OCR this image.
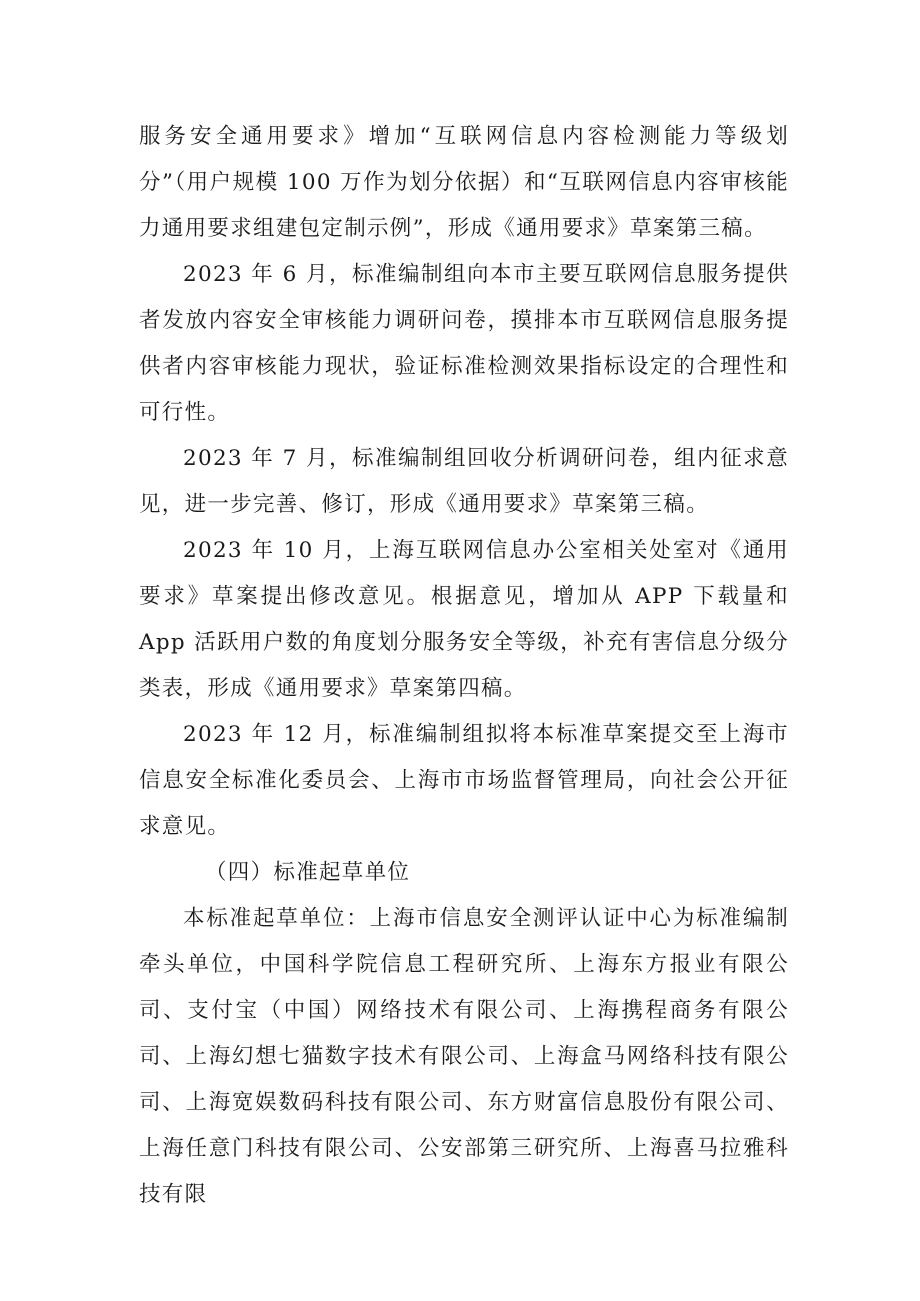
服务安全通用要求》增加“互联网信息内容检测能力等级划分”（用户规模 100 万作为划分依据）和“互联网信息内容审核能力通用要求组建包定制示例”，形成《通用要求》草案第三稿。

2023 年 6 月，标准编制组向本市主要互联网信息服务提供者发放内容安全审核能力调研问卷，摸排本市互联网信息服务提供者内容审核能力现状，验证标准检测效果指标设定的合理性和可行性。

2023 年 7 月，标准编制组回收分析调研问卷，组内征求意见，进一步完善、修订，形成《通用要求》草案第三稿。

2023 年 10 月，上海互联网信息办公室相关处室对《通用要求》草案提出修改意见。根据意见，增加从 APP 下载量和 App 活跃用户数的角度划分服务安全等级，补充有害信息分级分类表，形成《通用要求》草案第四稿。

2023 年 12 月，标准编制组拟将本标准草案提交至上海市信息安全标准化委员会、上海市市场监督管理局，向社会公开征求意见。

（四）标准起草单位

本标准起草单位：上海市信息安全测评认证中心为标准编制牵头单位，中国科学院信息工程研究所、上海东方报业有限公司、支付宝（中国）网络技术有限公司、上海携程商务有限公司、上海幻想七猫数字技术有限公司、上海盒马网络科技有限公司、上海宽娱数码科技有限公司、东方财富信息股份有限公司、上海任意门科技有限公司、公安部第三研究所、上海喜马拉雅科技有限
